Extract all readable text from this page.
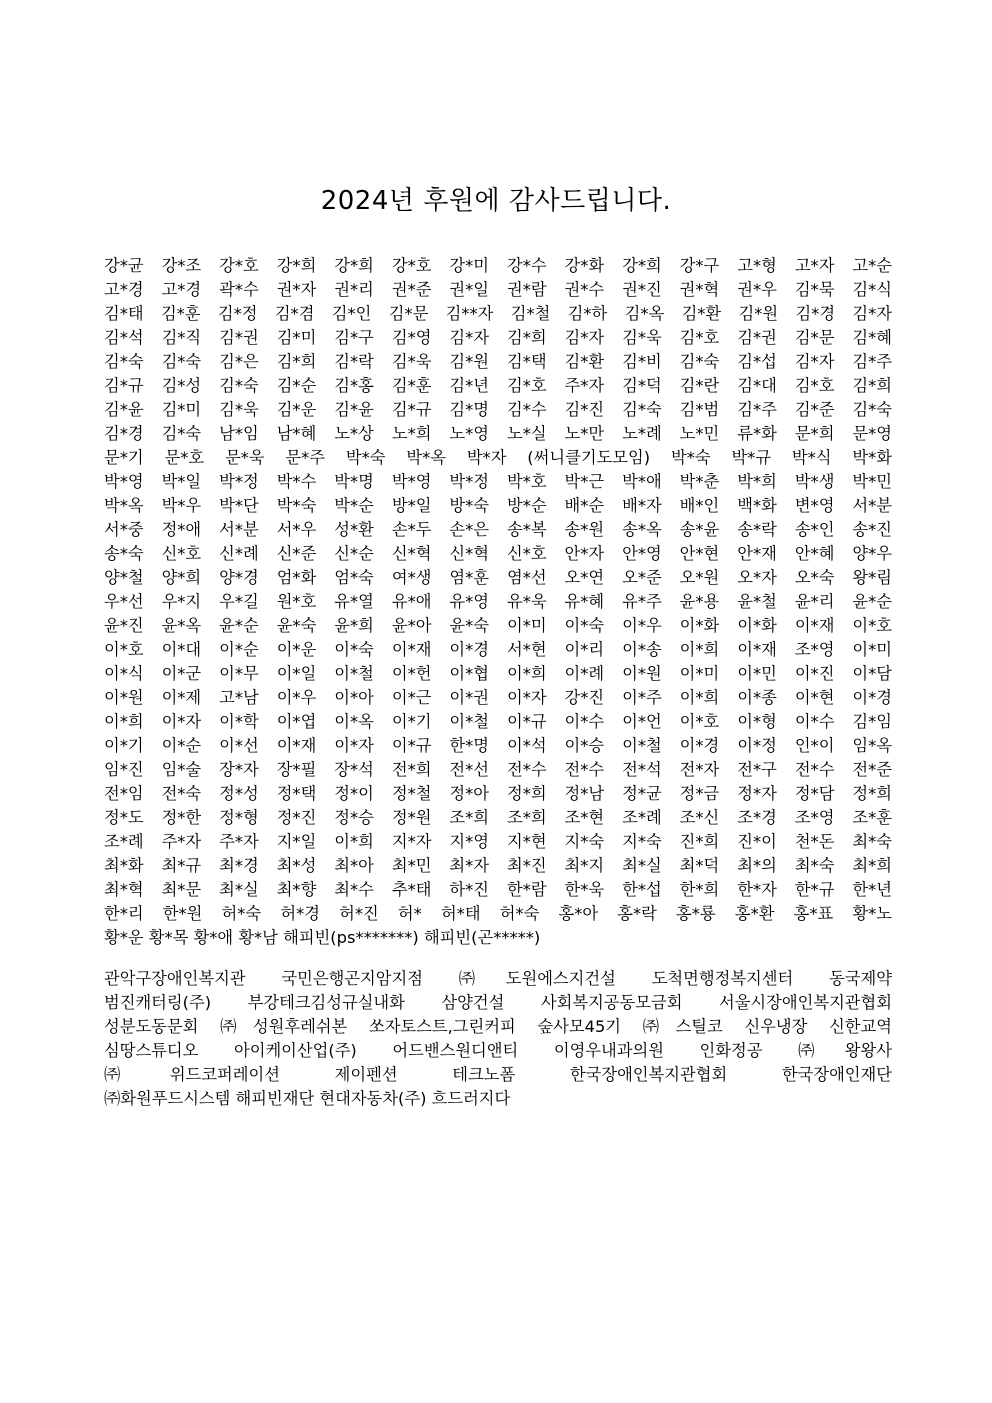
2024년 후원에 감사드립니다.
강*균 강*조 강*호 강*희 강*희 강*호 강*미 강*수 강*화 강*희 강*구 고*형 고*자 고*순
고*경 고*경 곽*수 권*자 권*리 권*준 권*일 권*람 권*수 권*진 권*혁 권*우 김*묵 김*식
김*태 김*훈 김*정 김*겸 김*인 김*문 김**자 김*철 김*하 김*옥 김*환 김*원 김*경 김*자
김*석 김*직 김*권 김*미 김*구 김*영 김*자 김*희 김*자 김*욱 김*호 김*권 김*문 김*혜
김*숙 김*숙 김*은 김*희 김*락 김*욱 김*원 김*택 김*환 김*비 김*숙 김*섭 김*자 김*주
김*규 김*성 김*숙 김*순 김*홍 김*훈 김*년 김*호 주*자 김*덕 김*란 김*대 김*호 김*희
김*윤 김*미 김*욱 김*운 김*윤 김*규 김*명 김*수 김*진 김*숙 김*범 김*주 김*준 김*숙
김*경 김*숙 남*임 남*혜 노*상 노*희 노*영 노*실 노*만 노*례 노*민 류*화 문*희 문*영
문*기 문*호 문*욱 문*주 박*숙 박*옥 박*자 (써니클기도모임) 박*숙 박*규 박*식 박*화
박*영 박*일 박*정 박*수 박*명 박*영 박*정 박*호 박*근 박*애 박*춘 박*희 박*생 박*민
박*옥 박*우 박*단 박*숙 박*순 방*일 방*숙 방*순 배*순 배*자 배*인 백*화 변*영 서*분
서*중 정*애 서*분 서*우 성*환 손*두 손*은 송*복 송*원 송*옥 송*윤 송*락 송*인 송*진
송*숙 신*호 신*례 신*준 신*순 신*혁 신*혁 신*호 안*자 안*영 안*현 안*재 안*혜 양*우
양*철 양*희 양*경 엄*화 엄*숙 여*생 염*훈 염*선 오*연 오*준 오*원 오*자 오*숙 왕*림
우*선 우*지 우*길 원*호 유*열 유*애 유*영 유*욱 유*혜 유*주 윤*용 윤*철 윤*리 윤*순
윤*진 윤*옥 윤*순 윤*숙 윤*희 윤*아 윤*숙 이*미 이*숙 이*우 이*화 이*화 이*재 이*호
이*호 이*대 이*순 이*운 이*숙 이*재 이*경 서*현 이*리 이*송 이*희 이*재 조*영 이*미
이*식 이*군 이*무 이*일 이*철 이*헌 이*협 이*희 이*례 이*원 이*미 이*민 이*진 이*담
이*원 이*제 고*남 이*우 이*아 이*근 이*권 이*자 강*진 이*주 이*희 이*종 이*현 이*경
이*희 이*자 이*학 이*엽 이*옥 이*기 이*철 이*규 이*수 이*언 이*호 이*형 이*수 김*임
이*기 이*순 이*선 이*재 이*자 이*규 한*명 이*석 이*승 이*철 이*경 이*정 인*이 임*옥
임*진 임*술 장*자 장*필 장*석 전*희 전*선 전*수 전*수 전*석 전*자 전*구 전*수 전*준
전*임 전*숙 정*성 정*택 정*이 정*철 정*아 정*희 정*남 정*균 정*금 정*자 정*담 정*희
정*도 정*한 정*형 정*진 정*승 정*원 조*희 조*희 조*현 조*례 조*신 조*경 조*영 조*훈
조*례 주*자 주*자 지*일 이*희 지*자 지*영 지*현 지*숙 지*숙 진*희 진*이 천*돈 최*숙
최*화 최*규 최*경 최*성 최*아 최*민 최*자 최*진 최*지 최*실 최*덕 최*의 최*숙 최*희
최*혁 최*문 최*실 최*향 최*수 추*태 하*진 한*람 한*욱 한*섭 한*희 한*자 한*규 한*년
한*리 한*원 허*숙 허*경 허*진 허* 허*태 허*숙 홍*아 홍*락 홍*룡 홍*환 홍*표 황*노
황*운 황*목 황*애 황*남 해피빈(ps*******) 해피빈(곤*****)
관악구장애인복지관 국민은행곤지암지점 ㈜도원에스지건설 도척면행정복지센터 동국제약
범진캐터링(주) 부강테크김성규실내화 삼양건설 사회복지공동모금회 서울시장애인복지관협회
성분도동문회 ㈜성원후레쉬본 쏘자토스트,그린커피 숲사모45기 ㈜스틸코 신우냉장 신한교역
심땅스튜디오 아이케이산업(주) 어드밴스원디앤티 이영우내과의원 인화정공 ㈜왕왕사
㈜위드코퍼레이션 제이펜션 테크노폼 한국장애인복지관협회 한국장애인재단
㈜화원푸드시스템 해피빈재단 현대자동차(주) 흐드러지다
